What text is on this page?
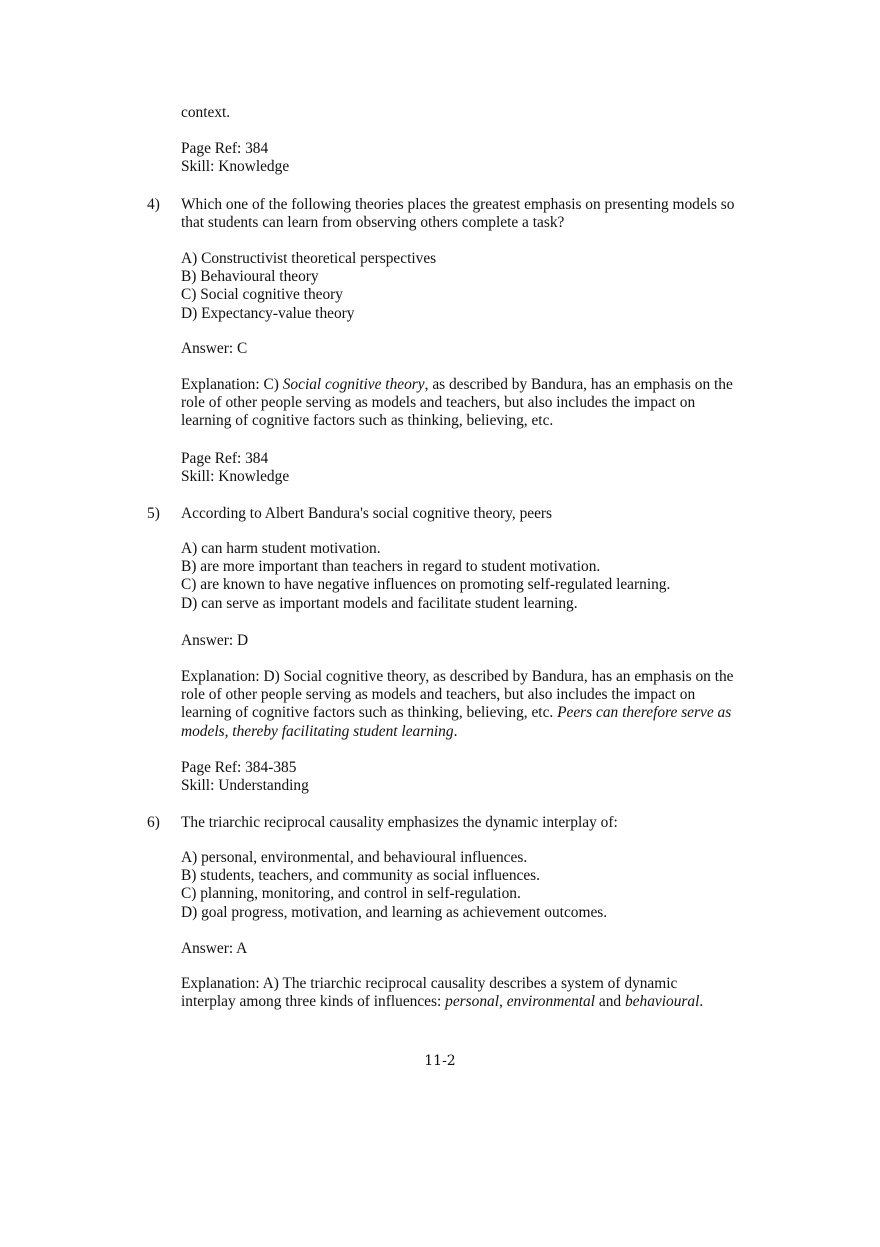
context.
Page Ref: 384
Skill: Knowledge
4) Which one of the following theories places the greatest emphasis on presenting models so
that students can learn from observing others complete a task?
A) Constructivist theoretical perspectives
B) Behavioural theory
C) Social cognitive theory
D) Expectancy-value theory
Answer: C
Explanation: C) Social cognitive theory, as described by Bandura, has an emphasis on the
role of other people serving as models and teachers, but also includes the impact on
learning of cognitive factors such as thinking, believing, etc.
Page Ref: 384
Skill: Knowledge
5) According to Albert Bandura's social cognitive theory, peers
A) can harm student motivation.
B) are more important than teachers in regard to student motivation.
C) are known to have negative influences on promoting self-regulated learning.
D) can serve as important models and facilitate student learning.
Answer: D
Explanation: D) Social cognitive theory, as described by Bandura, has an emphasis on the
role of other people serving as models and teachers, but also includes the impact on
learning of cognitive factors such as thinking, believing, etc. Peers can therefore serve as
models, thereby facilitating student learning.
Page Ref: 384-385
Skill: Understanding
6) The triarchic reciprocal causality emphasizes the dynamic interplay of:
A) personal, environmental, and behavioural influences.
B) students, teachers, and community as social influences.
C) planning, monitoring, and control in self-regulation.
D) goal progress, motivation, and learning as achievement outcomes.
Answer: A
Explanation: A) The triarchic reciprocal causality describes a system of dynamic
interplay among three kinds of influences: personal, environmental and behavioural.
11-2
